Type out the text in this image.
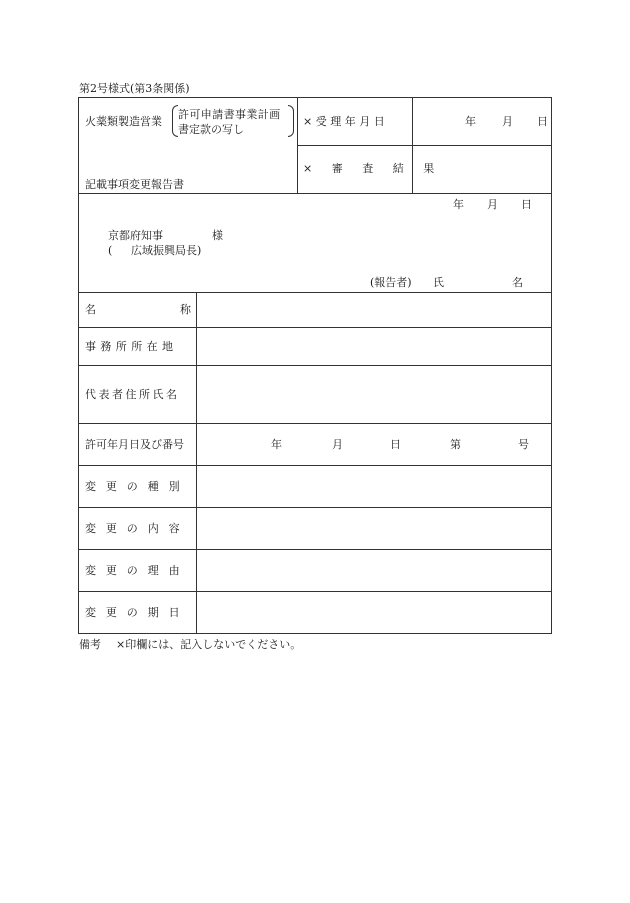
第2号様式(第3条関係)
火薬類製造営業
許可申請書事業計画
書定款の写し
記載事項変更報告書
× 受 理 年 月 日	年 月 日
× 審 査 結 果
年 月 日
京都府知事	様
( 広域振興局長)
(報告者) 氏	名
名	称
事務所所在地
代表者住所氏名
許可年月日及び番号	年	月	日	第	号
変 更 の 種 別
変 更 の 内 容
変 更 の 理 由
変 更 の 期 日
備考 ×印欄には、記入しないでください。
